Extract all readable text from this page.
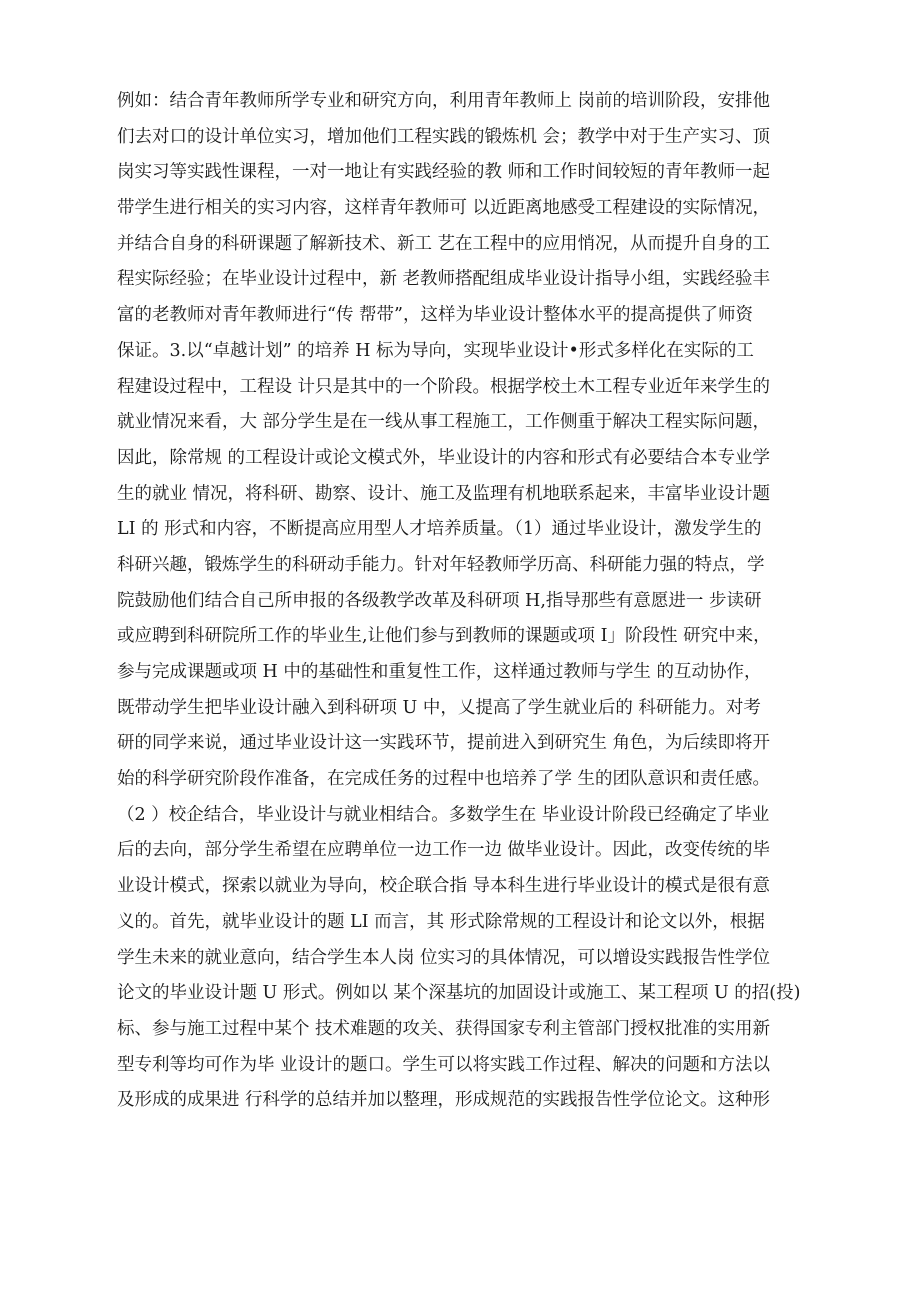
例如：结合青年教师所学专业和研究方向，利用青年教师上 岗前的培训阶段，安排他
们去对口的设计单位实习，增加他们工程实践的锻炼机 会；教学中对于生产实习、顶
岗实习等实践性课程，一对一地让有实践经验的教 师和工作时间较短的青年教师一起
带学生进行相关的实习内容，这样青年教师可 以近距离地感受工程建设的实际情况，
并结合自身的科研课题了解新技术、新工 艺在工程中的应用悄况，从而提升自身的工
程实际经验；在毕业设计过程中，新 老教师搭配组成毕业设计指导小组，实践经验丰
富的老教师对青年教师进行“传 帮带”，这样为毕业设计整体水平的提高提供了师资
保证。3.以“卓越计划” 的培养 H 标为导向，实现毕业设计•形式多样化在实际的工
程建设过程中，工程设 计只是其中的一个阶段。根据学校土木工程专业近年来学生的
就业情况来看，大 部分学生是在一线从事工程施工，工作侧重于解决工程实际问题，
因此，除常规 的工程设计或论文模式外，毕业设计的内容和形式有必要结合本专业学
生的就业 情况，将科研、勘察、设计、施工及监理有机地联系起来，丰富毕业设计题
LI 的 形式和内容，不断提高应用型人才培养质量。（1）通过毕业设计，激发学生的
科研兴趣，锻炼学生的科研动手能力。针对年轻教师学历高、科研能力强的特点，学
院鼓励他们结合自己所申报的各级教学改革及科研项 H,指导那些有意愿进一 步读研
或应聘到科研院所工作的毕业生,让他们参与到教师的课题或项 I」阶段性 研究中来，
参与完成课题或项 H 中的基础性和重复性工作，这样通过教师与学生 的互动协作，
既带动学生把毕业设计融入到科研项 U 中，乂提高了学生就业后的 科研能力。对考
研的同学来说，通过毕业设计这一实践环节，提前进入到研究生 角色，为后续即将开
始的科学研究阶段作准备，在完成任务的过程中也培养了学 生的团队意识和责任感。
（2 ）校企结合，毕业设计与就业相结合。多数学生在 毕业设计阶段已经确定了毕业
后的去向，部分学生希望在应聘单位一边工作一边 做毕业设计。因此，改变传统的毕
业设计模式，探索以就业为导向，校企联合指 导本科生进行毕业设计的模式是很有意
义的。首先，就毕业设计的题 LI 而言，其 形式除常规的工程设计和论文以外，根据
学生未来的就业意向，结合学生本人岗 位实习的具体情况，可以增设实践报告性学位
论文的毕业设计题 U 形式。例如以 某个深基坑的加固设计或施工、某工程项 U 的招(投)
标、参与施工过程中某个 技术难题的攻关、获得国家专利主管部门授权批准的实用新
型专利等均可作为毕 业设计的题口。学生可以将实践工作过程、解决的问题和方法以
及形成的成果进 行科学的总结并加以整理，形成规范的实践报告性学位论文。这种形
